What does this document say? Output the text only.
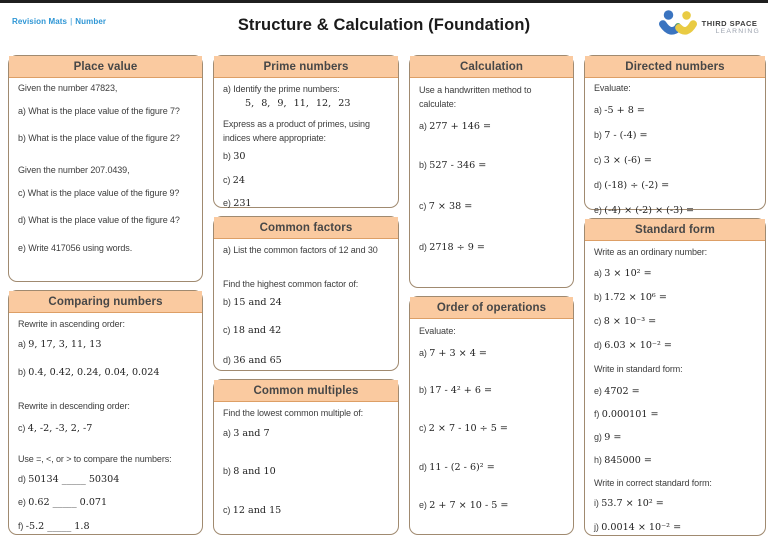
Revision Mats | Number	Structure & Calculation (Foundation)	THIRD SPACE
LEARNING
Place value
Given the number 47823,
a) What is the place value of the figure 7?
b) What is the place value of the figure 2?
Given the number 207.0439,
c) What is the place value of the figure 9?
d) What is the place value of the figure 4?
e) Write 417056 using words.
Comparing numbers
Rewrite in ascending order:
a) 9, 17, 3, 11, 13
b) 0.4, 0.42, 0.24, 0.04, 0.024
Rewrite in descending order:
c) 4, -2, -3, 2, -7
Use =, <, or > to compare the numbers:
d) 50134 _____ 50304
e) 0.62 _____ 0.071
f) -5.2 _____ 1.8
Prime numbers
a) Identify the prime numbers:
5, 8, 9, 11, 12, 23
Express as a product of primes, using
indices where appropriate:
b) 30
c) 24
e) 231
Common factors
a) List the common factors of 12 and 30
Find the highest common factor of:
b) 15 and 24
c) 18 and 42
d) 36 and 65
Common multiples
Find the lowest common multiple of:
a) 3 and 7
b) 8 and 10
c) 12 and 15
Calculation
Use a handwritten method to
calculate:
a) 277 + 146 =
b) 527 - 346 =
c) 7 × 38 =
d) 2718 ÷ 9 =
Order of operations
Evaluate:
a) 7 + 3 × 4 =
b) 17 - 4² + 6 =
c) 2 × 7 - 10 ÷ 5 =
d) 11 - (2 - 6)² =
e) 2 + 7 × 10 - 5 =
Directed numbers
Evaluate:
a) -5 + 8 =
b) 7 - (-4) =
c) 3 × (-6) =
d) (-18) ÷ (-2) =
e) (-4) × (-2) × (-3) =
Standard form
Write as an ordinary number:
a) 3 × 10² =
b) 1.72 × 10⁶ =
c) 8 × 10⁻³ =
d) 6.03 × 10⁻² =
Write in standard form:
e) 4702 =
f) 0.000101 =
g) 9 =
h) 845000 =
Write in correct standard form:
i) 53.7 × 10² =
j) 0.0014 × 10⁻² =
